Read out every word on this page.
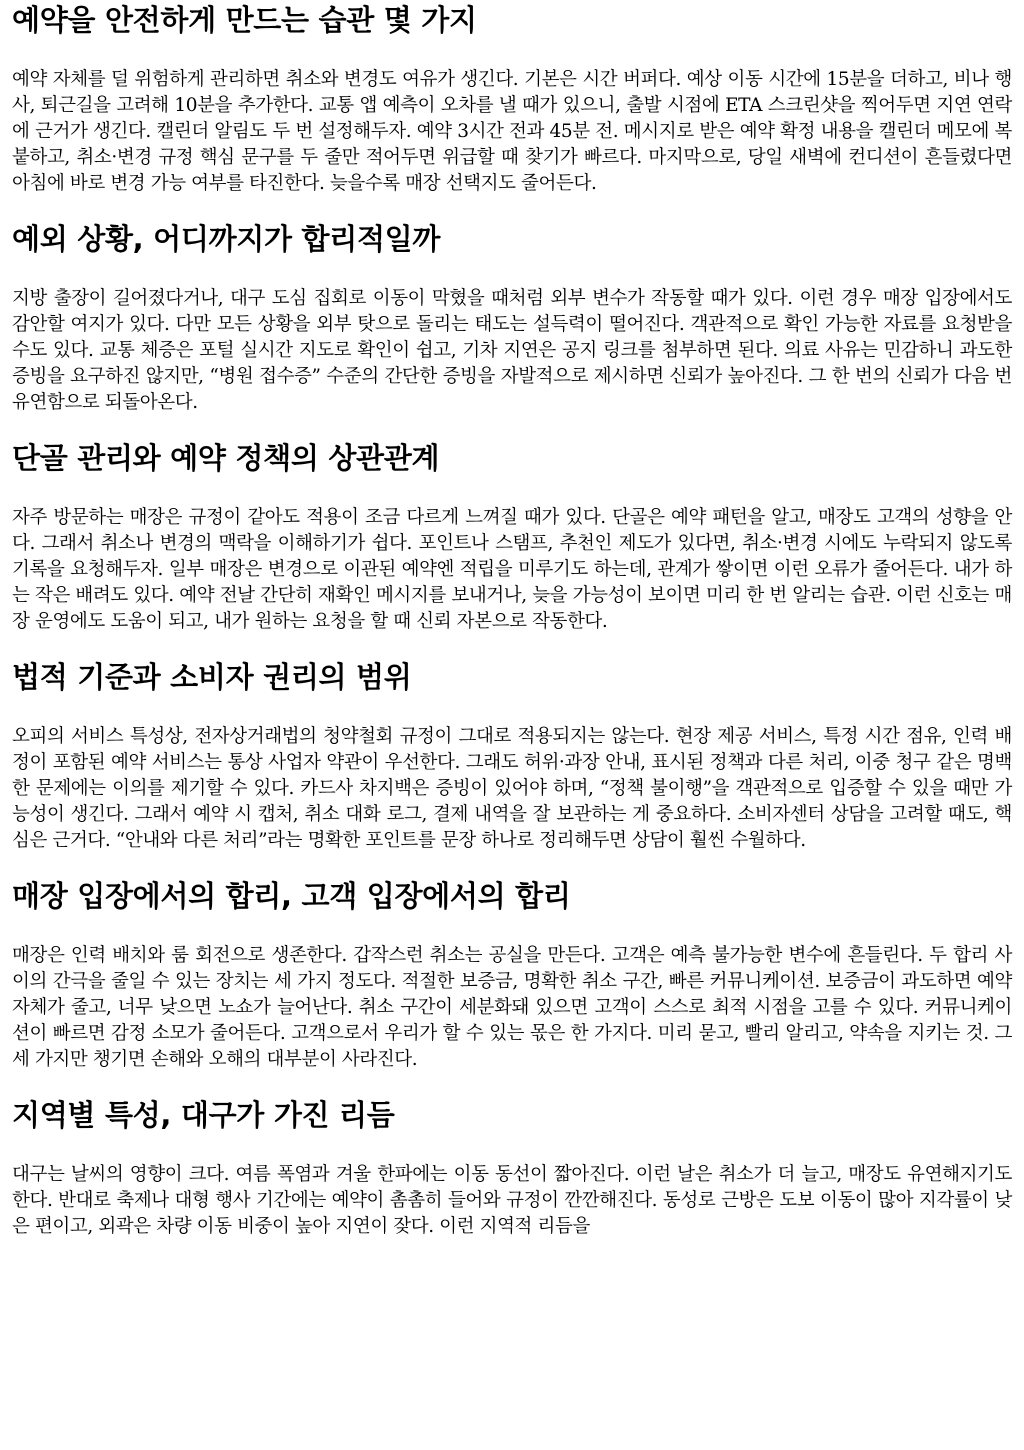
예약을 안전하게 만드는 습관 몇 가지

예약 자체를 덜 위험하게 관리하면 취소와 변경도 여유가 생긴다. 기본은 시간 버퍼다. 예상 이동 시간에 15분을 더하고, 비나 행사, 퇴근길을 고려해 10분을 추가한다. 교통 앱 예측이 오차를 낼 때가 있으니, 출발 시점에 ETA 스크린샷을 찍어두면 지연 연락에 근거가 생긴다. 캘린더 알림도 두 번 설정해두자. 예약 3시간 전과 45분 전. 메시지로 받은 예약 확정 내용을 캘린더 메모에 복붙하고, 취소·변경 규정 핵심 문구를 두 줄만 적어두면 위급할 때 찾기가 빠르다. 마지막으로, 당일 새벽에 컨디션이 흔들렸다면 아침에 바로 변경 가능 여부를 타진한다. 늦을수록 매장 선택지도 줄어든다.

예외 상황, 어디까지가 합리적일까

지방 출장이 길어졌다거나, 대구 도심 집회로 이동이 막혔을 때처럼 외부 변수가 작동할 때가 있다. 이런 경우 매장 입장에서도 감안할 여지가 있다. 다만 모든 상황을 외부 탓으로 돌리는 태도는 설득력이 떨어진다. 객관적으로 확인 가능한 자료를 요청받을 수도 있다. 교통 체증은 포털 실시간 지도로 확인이 쉽고, 기차 지연은 공지 링크를 첨부하면 된다. 의료 사유는 민감하니 과도한 증빙을 요구하진 않지만, “병원 접수증” 수준의 간단한 증빙을 자발적으로 제시하면 신뢰가 높아진다. 그 한 번의 신뢰가 다음 번 유연함으로 되돌아온다.

단골 관리와 예약 정책의 상관관계

자주 방문하는 매장은 규정이 같아도 적용이 조금 다르게 느껴질 때가 있다. 단골은 예약 패턴을 알고, 매장도 고객의 성향을 안다. 그래서 취소나 변경의 맥락을 이해하기가 쉽다. 포인트나 스탬프, 추천인 제도가 있다면, 취소·변경 시에도 누락되지 않도록 기록을 요청해두자. 일부 매장은 변경으로 이관된 예약엔 적립을 미루기도 하는데, 관계가 쌓이면 이런 오류가 줄어든다. 내가 하는 작은 배려도 있다. 예약 전날 간단히 재확인 메시지를 보내거나, 늦을 가능성이 보이면 미리 한 번 알리는 습관. 이런 신호는 매장 운영에도 도움이 되고, 내가 원하는 요청을 할 때 신뢰 자본으로 작동한다.

법적 기준과 소비자 권리의 범위

오피의 서비스 특성상, 전자상거래법의 청약철회 규정이 그대로 적용되지는 않는다. 현장 제공 서비스, 특정 시간 점유, 인력 배정이 포함된 예약 서비스는 통상 사업자 약관이 우선한다. 그래도 허위·과장 안내, 표시된 정책과 다른 처리, 이중 청구 같은 명백한 문제에는 이의를 제기할 수 있다. 카드사 차지백은 증빙이 있어야 하며, “정책 불이행”을 객관적으로 입증할 수 있을 때만 가능성이 생긴다. 그래서 예약 시 캡처, 취소 대화 로그, 결제 내역을 잘 보관하는 게 중요하다. 소비자센터 상담을 고려할 때도, 핵심은 근거다. “안내와 다른 처리”라는 명확한 포인트를 문장 하나로 정리해두면 상담이 훨씬 수월하다.

매장 입장에서의 합리, 고객 입장에서의 합리

매장은 인력 배치와 룸 회전으로 생존한다. 갑작스런 취소는 공실을 만든다. 고객은 예측 불가능한 변수에 흔들린다. 두 합리 사이의 간극을 줄일 수 있는 장치는 세 가지 정도다. 적절한 보증금, 명확한 취소 구간, 빠른 커뮤니케이션. 보증금이 과도하면 예약 자체가 줄고, 너무 낮으면 노쇼가 늘어난다. 취소 구간이 세분화돼 있으면 고객이 스스로 최적 시점을 고를 수 있다. 커뮤니케이션이 빠르면 감정 소모가 줄어든다. 고객으로서 우리가 할 수 있는 몫은 한 가지다. 미리 묻고, 빨리 알리고, 약속을 지키는 것. 그 세 가지만 챙기면 손해와 오해의 대부분이 사라진다.

지역별 특성, 대구가 가진 리듬

대구는 날씨의 영향이 크다. 여름 폭염과 겨울 한파에는 이동 동선이 짧아진다. 이런 날은 취소가 더 늘고, 매장도 유연해지기도 한다. 반대로 축제나 대형 행사 기간에는 예약이 촘촘히 들어와 규정이 깐깐해진다. 동성로 근방은 도보 이동이 많아 지각률이 낮은 편이고, 외곽은 차량 이동 비중이 높아 지연이 잦다. 이런 지역적 리듬을
